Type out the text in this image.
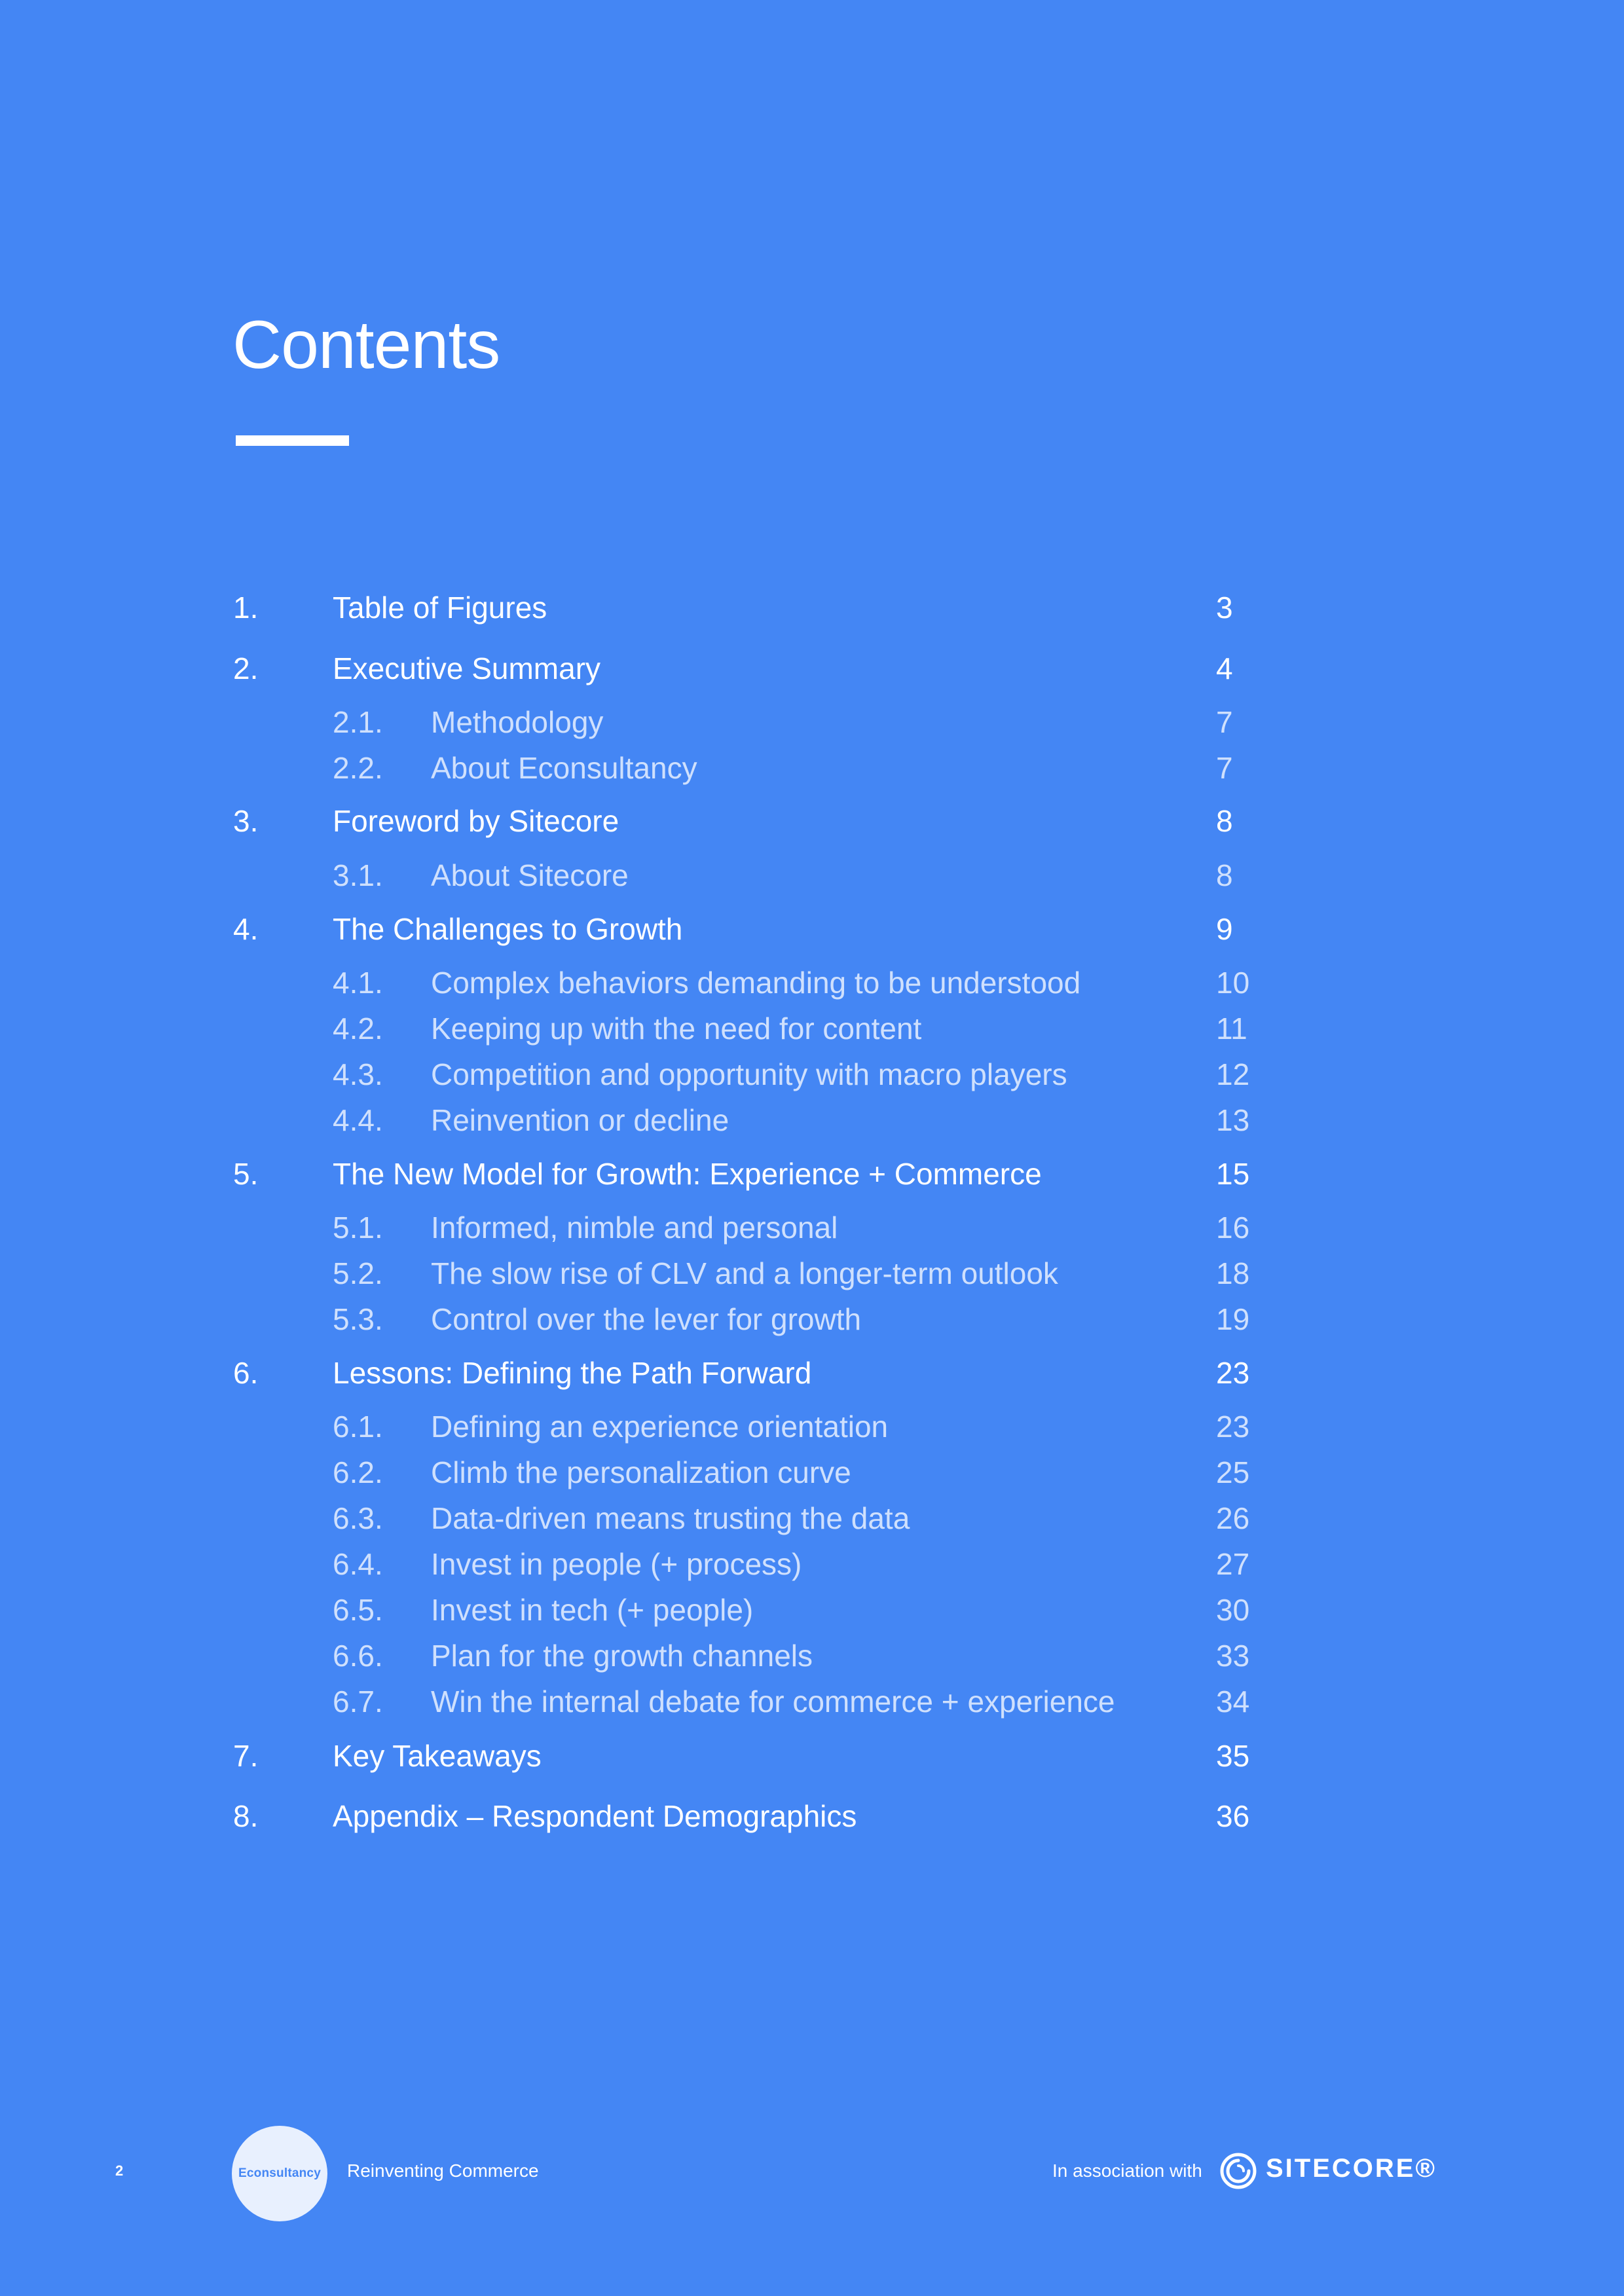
Contents
1. Table of Figures	3
2. Executive Summary	4
2.1. Methodology	7
2.2. About Econsultancy	7
3. Foreword by Sitecore	8
3.1. About Sitecore	8
4. The Challenges to Growth	9
4.1. Complex behaviors demanding to be understood	10
4.2. Keeping up with the need for content	11
4.3. Competition and opportunity with macro players	12
4.4. Reinvention or decline	13
5. The New Model for Growth: Experience + Commerce	15
5.1. Informed, nimble and personal	16
5.2. The slow rise of CLV and a longer-term outlook	18
5.3. Control over the lever for growth	19
6. Lessons: Defining the Path Forward	23
6.1. Defining an experience orientation	23
6.2. Climb the personalization curve	25
6.3. Data-driven means trusting the data	26
6.4. Invest in people (+ process)	27
6.5. Invest in tech (+ people)	30
6.6. Plan for the growth channels	33
6.7. Win the internal debate for commerce + experience	34
7. Key Takeaways	35
8. Appendix – Respondent Demographics	36
2	Econsultancy Reinventing Commerce	In association with SITECORE®
